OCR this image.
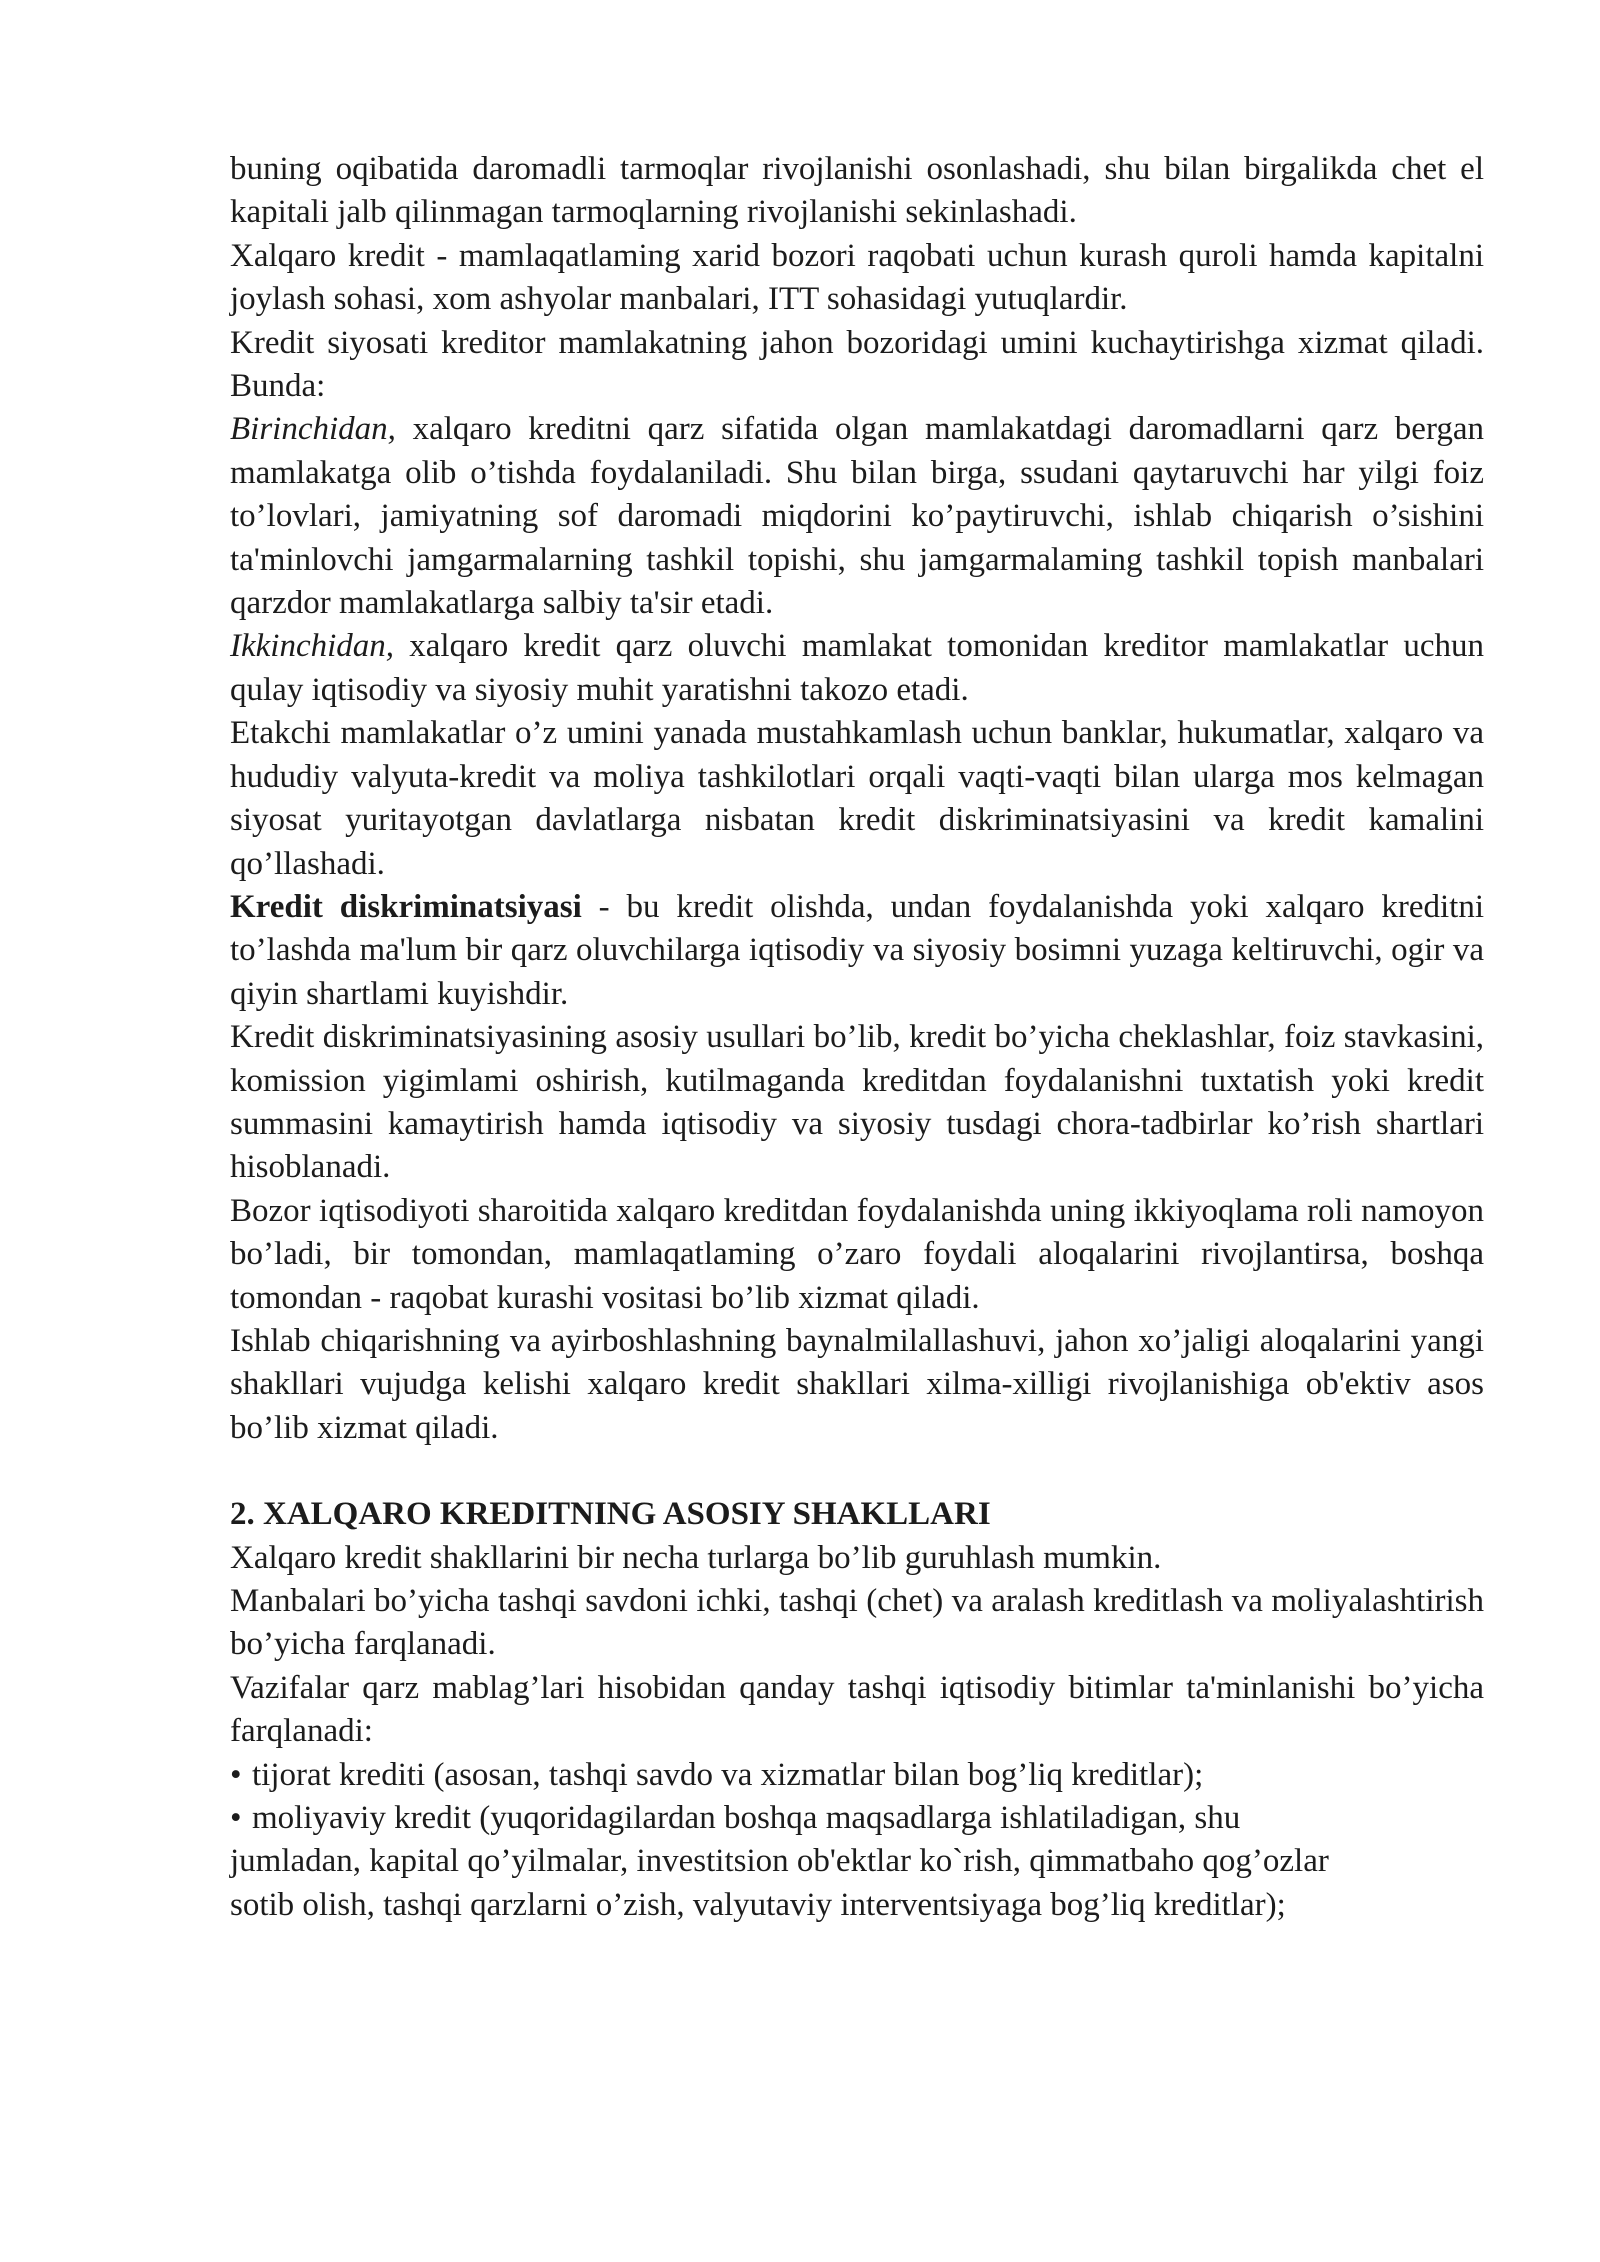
buning oqibatida daromadli tarmoqlar rivojlanishi osonlashadi, shu bilan birgalikda chet el kapitali jalb qilinmagan tarmoqlarning rivojlanishi sekinlashadi.

Xalqaro kredit - mamlaqatlaming xarid bozori raqobati uchun kurash quroli hamda kapitalni joylash sohasi, xom ashyolar manbalari, ITT sohasidagi yutuqlardir.

Kredit siyosati kreditor mamlakatning jahon bozoridagi umini kuchaytirishga xizmat qiladi. Bunda:

Birinchidan, xalqaro kreditni qarz sifatida olgan mamlakatdagi daromadlarni qarz bergan mamlakatga olib o’tishda foydalaniladi. Shu bilan birga, ssudani qaytaruvchi har yilgi foiz to’lovlari, jamiyatning sof daromadi miqdorini ko’paytiruvchi, ishlab chiqarish o’sishini ta'minlovchi jamgarmalarning tashkil topishi, shu jamgarmalaming tashkil topish manbalari qarzdor mamlakatlarga salbiy ta'sir etadi.

Ikkinchidan, xalqaro kredit qarz oluvchi mamlakat tomonidan kreditor mamlakatlar uchun qulay iqtisodiy va siyosiy muhit yaratishni takozo etadi.

Etakchi mamlakatlar o’z umini yanada mustahkamlash uchun banklar, hukumatlar, xalqaro va hududiy valyuta-kredit va moliya tashkilotlari orqali vaqti-vaqti bilan ularga mos kelmagan siyosat yuritayotgan davlatlarga nisbatan kredit diskriminatsiyasini va kredit kamalini qo’llashadi.

Kredit diskriminatsiyasi - bu kredit olishda, undan foydalanishda yoki xalqaro kreditni to’lashda ma'lum bir qarz oluvchilarga iqtisodiy va siyosiy bosimni yuzaga keltiruvchi, ogir va qiyin shartlami kuyishdir.

Kredit diskriminatsiyasining asosiy usullari bo’lib, kredit bo’yicha cheklashlar, foiz stavkasini, komission yigimlami oshirish, kutilmaganda kreditdan foydalanishni tuxtatish yoki kredit summasini kamaytirish hamda iqtisodiy va siyosiy tusdagi chora-tadbirlar ko’rish shartlari hisoblanadi.

Bozor iqtisodiyoti sharoitida xalqaro kreditdan foydalanishda uning ikkiyoqlama roli namoyon bo’ladi, bir tomondan, mamlaqatlaming o’zaro foydali aloqalarini rivojlantirsa, boshqa tomondan - raqobat kurashi vositasi bo’lib xizmat qiladi.

Ishlab chiqarishning va ayirboshlashning baynalmilallashuvi, jahon xo’jaligi aloqalarini yangi shakllari vujudga kelishi xalqaro kredit shakllari xilma-xilligi rivojlanishiga ob'ektiv asos bo’lib xizmat qiladi.

2. XALQARO KREDITNING ASOSIY SHAKLLARI

Xalqaro kredit shakllarini bir necha turlarga bo’lib guruhlash mumkin.

Manbalari bo’yicha tashqi savdoni ichki, tashqi (chet) va aralash kreditlash va moliyalashtirish bo’yicha farqlanadi.

Vazifalar qarz mablag’lari hisobidan qanday tashqi iqtisodiy bitimlar ta'minlanishi bo’yicha farqlanadi:

• tijorat krediti (asosan, tashqi savdo va xizmatlar bilan bog’liq kreditlar);

• moliyaviy kredit (yuqoridagilardan boshqa maqsadlarga ishlatiladigan, shu

jumladan, kapital qo’yilmalar, investitsion ob'ektlar ko`rish, qimmatbaho qog’ozlar

sotib olish, tashqi qarzlarni o’zish, valyutaviy interventsiyaga bog’liq kreditlar);
